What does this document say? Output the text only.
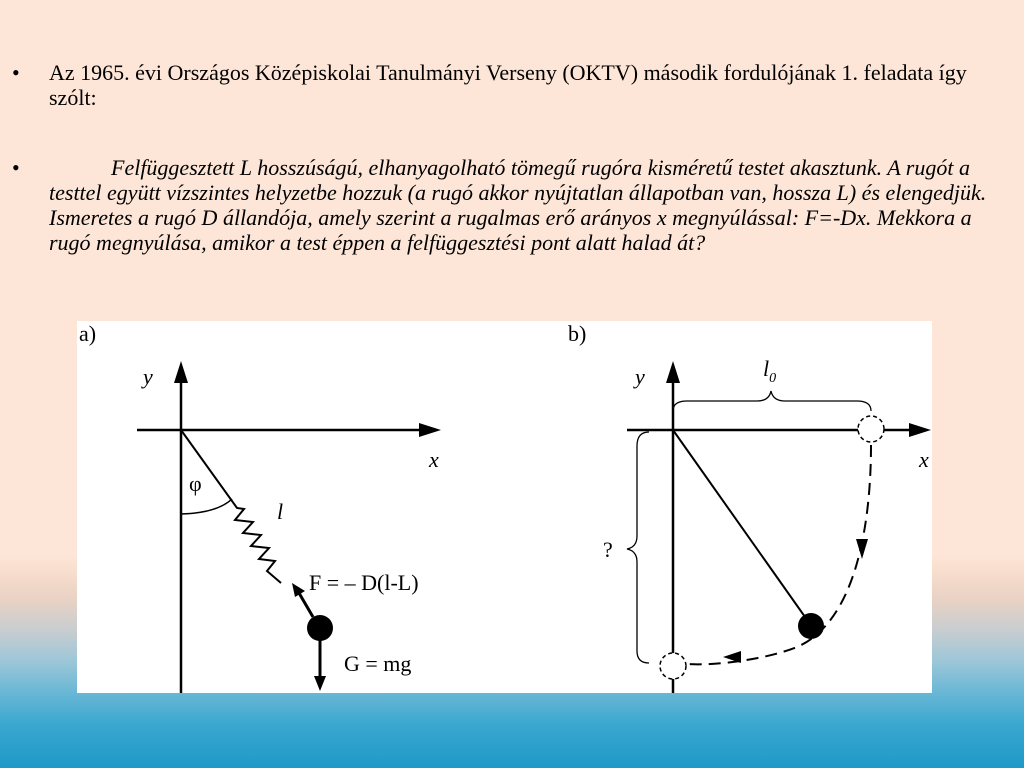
•	Az 1965. évi Országos Középiskolai Tanulmányi Verseny (OKTV) második fordulójának 1. feladata így szólt:
•	Felfüggesztett L hosszúságú, elhanyagolható tömegű rugóra kisméretű testet akasztunk. A rugót a testtel együtt vízszintes helyzetbe hozzuk (a rugó akkor nyújtatlan állapotban van, hossza L) és elengedjük. Ismeretes a rugó D állandója, amely szerint a rugalmas erő arányos x megnyúlással: F=-Dx. Mekkora a rugó megnyúlása, amikor a test éppen a felfüggesztési pont alatt halad át?
a)
y
x
φ
l
F = – D(l-L)
G = mg
b)
y
x
$l_0$
?
